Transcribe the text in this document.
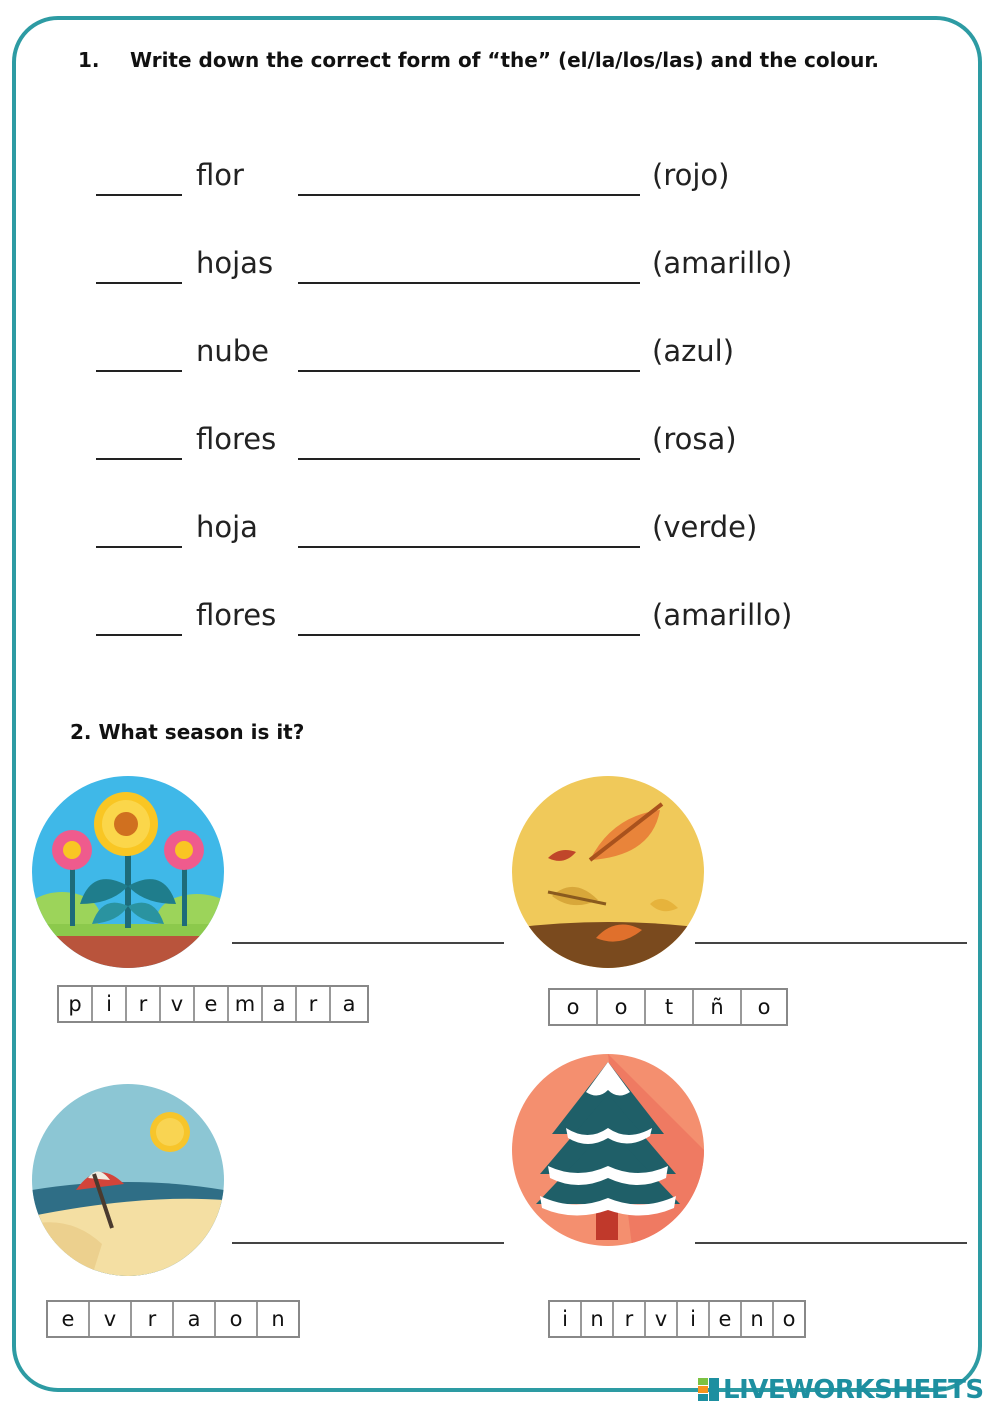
1. Write down the correct form of “the” (el/la/los/las) and the colour.
flor	(rojo)
hojas	(amarillo)
nube	(azul)
flores	(rosa)
hoja	(verde)
flores	(amarillo)
2. What season is it?
p	i	r	v	e m a	r	a	o	o	t	ñ	o
e	v	r	a	o	n	i	n	r	v	i	e n o
LIVEWORKSHEETS
